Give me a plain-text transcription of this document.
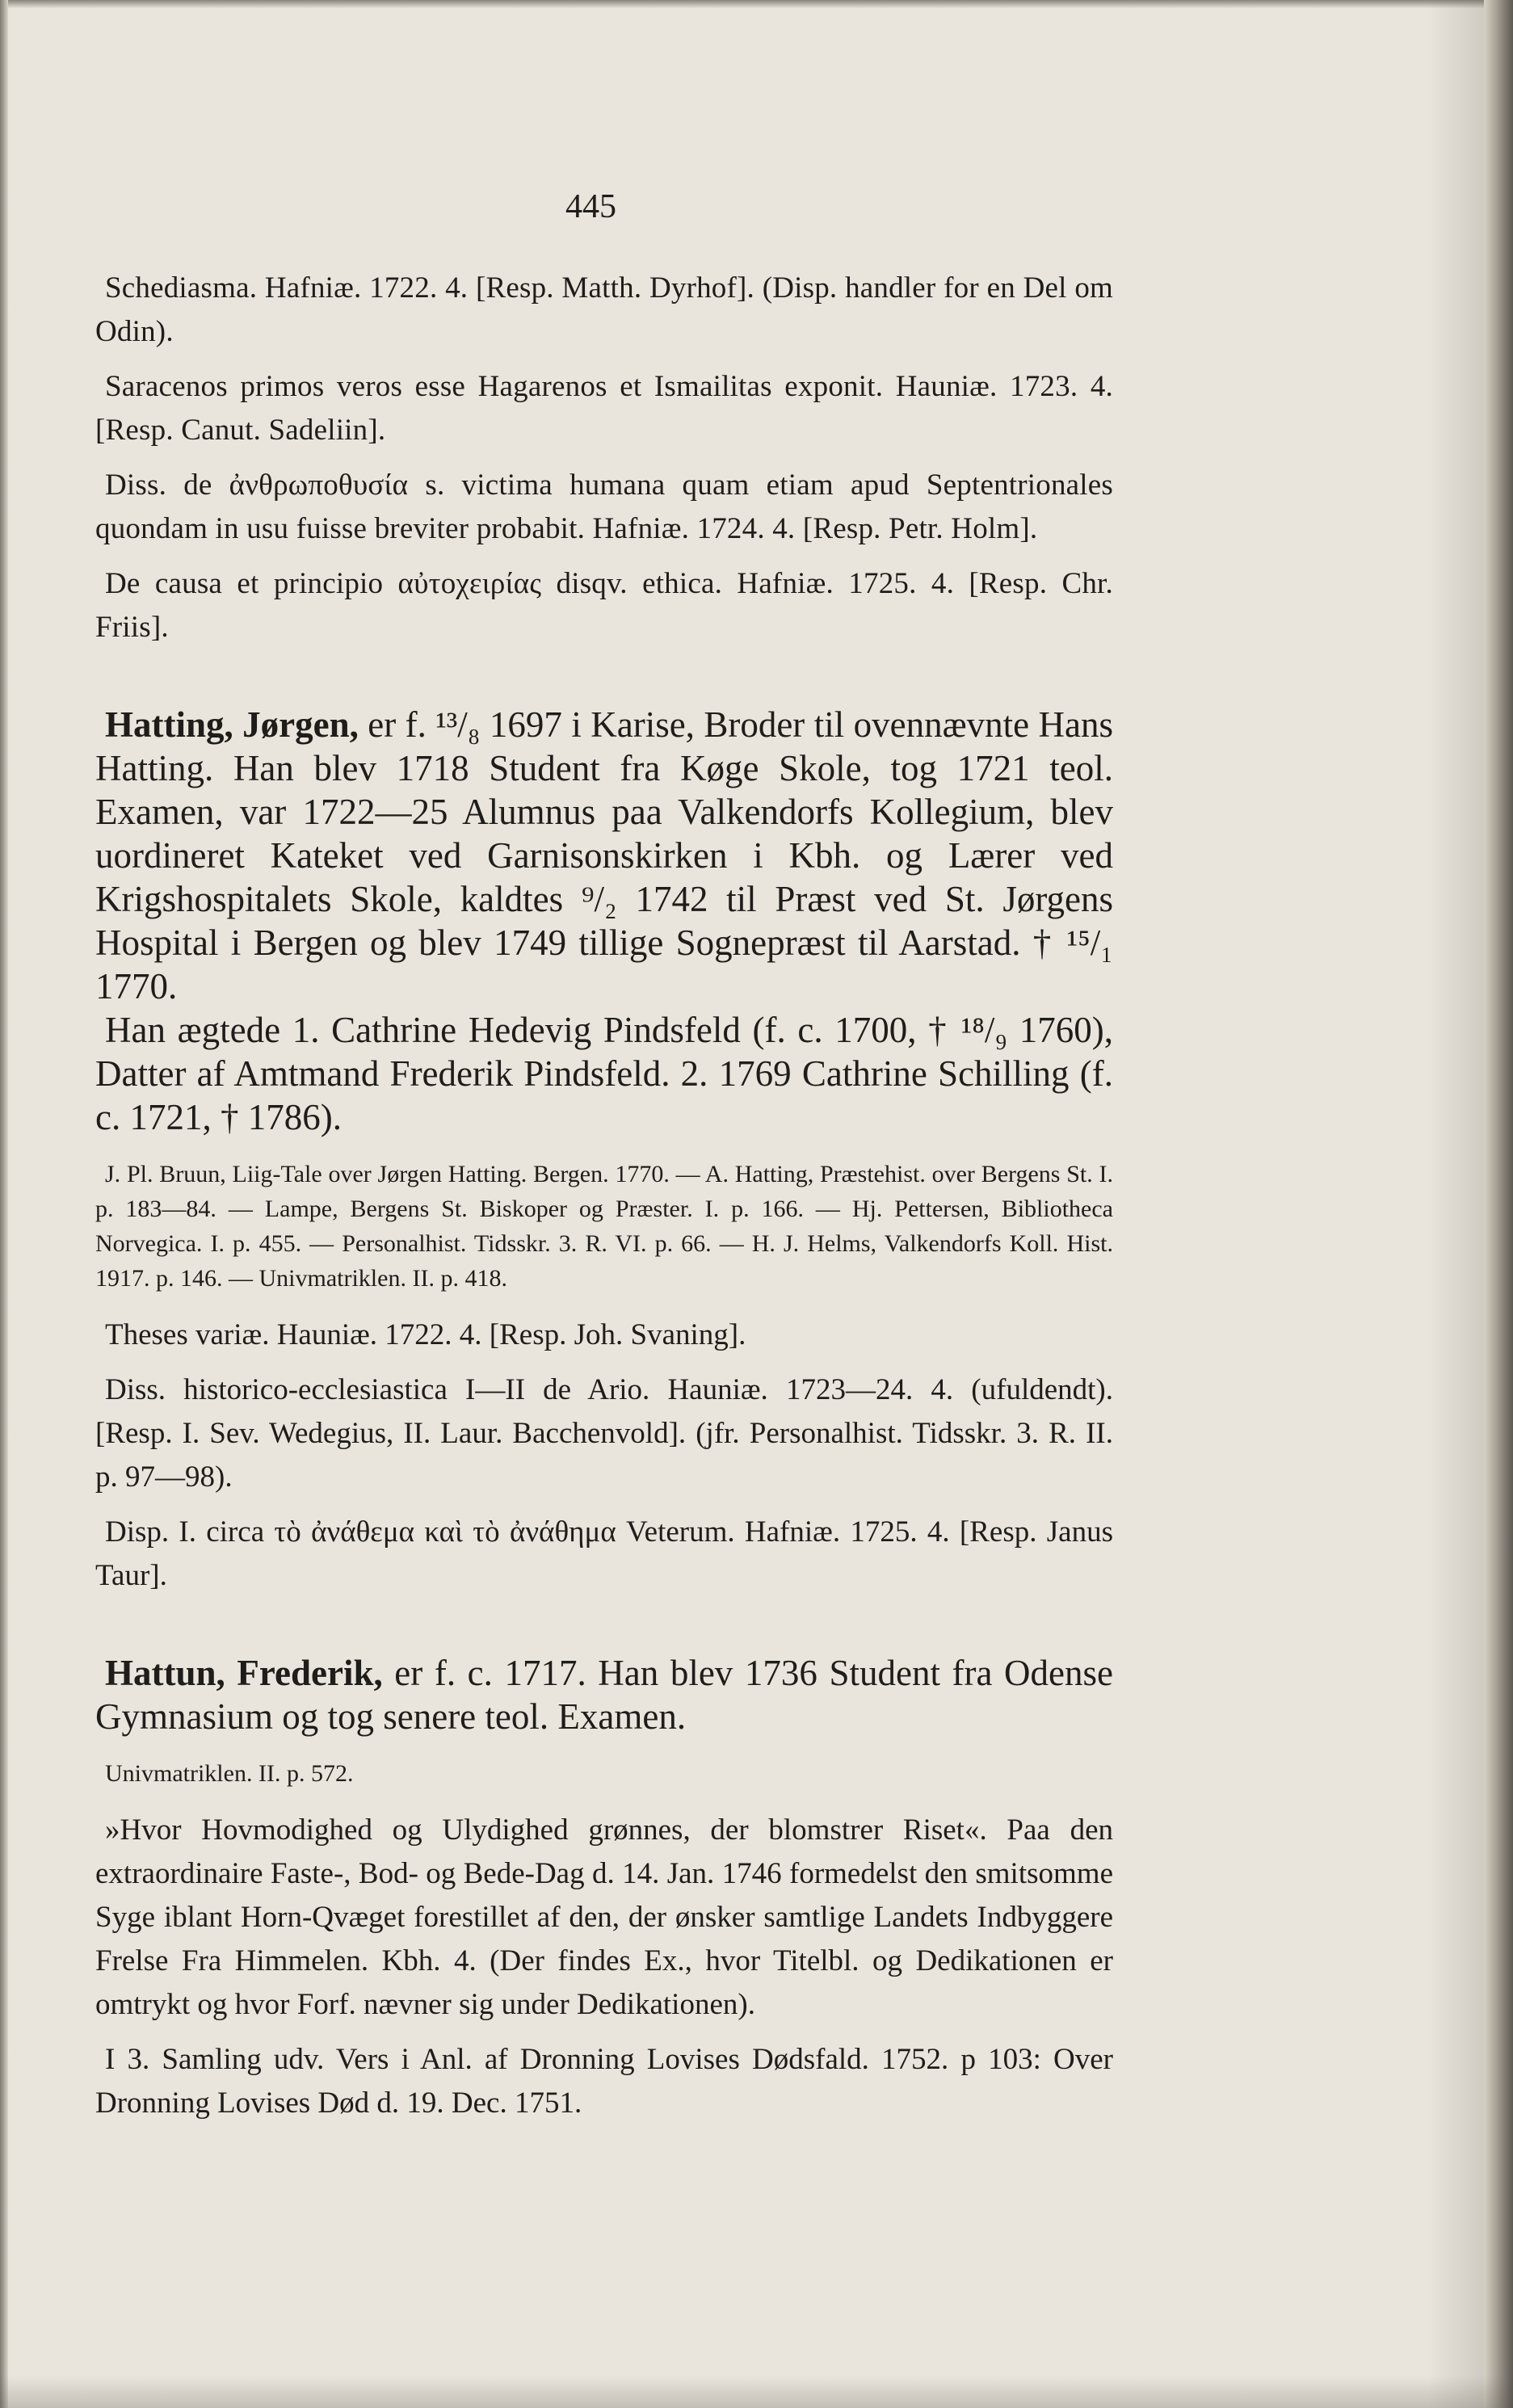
445

Schediasma. Hafniæ. 1722. 4. [Resp. Matth. Dyrhof]. (Disp. handler for en Del om Odin).

Saracenos primos veros esse Hagarenos et Ismailitas exponit. Hauniæ. 1723. 4. [Resp. Canut. Sadeliin].

Diss. de ἀνθρωποθυσία s. victima humana quam etiam apud Septentrionales quondam in usu fuisse breviter probabit. Hafniæ. 1724. 4. [Resp. Petr. Holm].

De causa et principio αὐτοχειρίας disqv. ethica. Hafniæ. 1725. 4. [Resp. Chr. Friis].

Hatting, Jørgen, er f. ¹³/₈ 1697 i Karise, Broder til ovennævnte Hans Hatting. Han blev 1718 Student fra Køge Skole, tog 1721 teol. Examen, var 1722—25 Alumnus paa Valkendorfs Kollegium, blev uordineret Kateket ved Garnisonskirken i Kbh. og Lærer ved Krigshospitalets Skole, kaldtes ⁹/₂ 1742 til Præst ved St. Jørgens Hospital i Bergen og blev 1749 tillige Sognepræst til Aarstad. † ¹⁵/₁ 1770.

Han ægtede 1. Cathrine Hedevig Pindsfeld (f. c. 1700, † ¹⁸/₉ 1760), Datter af Amtmand Frederik Pindsfeld. 2. 1769 Cathrine Schilling (f. c. 1721, † 1786).

J. Pl. Bruun, Liig-Tale over Jørgen Hatting. Bergen. 1770. — A. Hatting, Præstehist. over Bergens St. I. p. 183—84. — Lampe, Bergens St. Biskoper og Præster. I. p. 166. — Hj. Pettersen, Bibliotheca Norvegica. I. p. 455. — Personalhist. Tidsskr. 3. R. VI. p. 66. — H. J. Helms, Valkendorfs Koll. Hist. 1917. p. 146. — Univmatriklen. II. p. 418.

Theses variæ. Hauniæ. 1722. 4. [Resp. Joh. Svaning].

Diss. historico-ecclesiastica I—II de Ario. Hauniæ. 1723—24. 4. (ufuldendt). [Resp. I. Sev. Wedegius, II. Laur. Bacchenvold]. (jfr. Personalhist. Tidsskr. 3. R. II. p. 97—98).

Disp. I. circa τὸ ἀνάθεμα καὶ τὸ ἀνάθημα Veterum. Hafniæ. 1725. 4. [Resp. Janus Taur].

Hattun, Frederik, er f. c. 1717. Han blev 1736 Student fra Odense Gymnasium og tog senere teol. Examen.

Univmatriklen. II. p. 572.

»Hvor Hovmodighed og Ulydighed grønnes, der blomstrer Riset«. Paa den extraordinaire Faste-, Bod- og Bede-Dag d. 14. Jan. 1746 formedelst den smitsomme Syge iblant Horn-Qvæget forestillet af den, der ønsker samtlige Landets Indbyggere Frelse Fra Himmelen. Kbh. 4. (Der findes Ex., hvor Titelbl. og Dedikationen er omtrykt og hvor Forf. nævner sig under Dedikationen).

I 3. Samling udv. Vers i Anl. af Dronning Lovises Dødsfald. 1752. p 103: Over Dronning Lovises Død d. 19. Dec. 1751.
